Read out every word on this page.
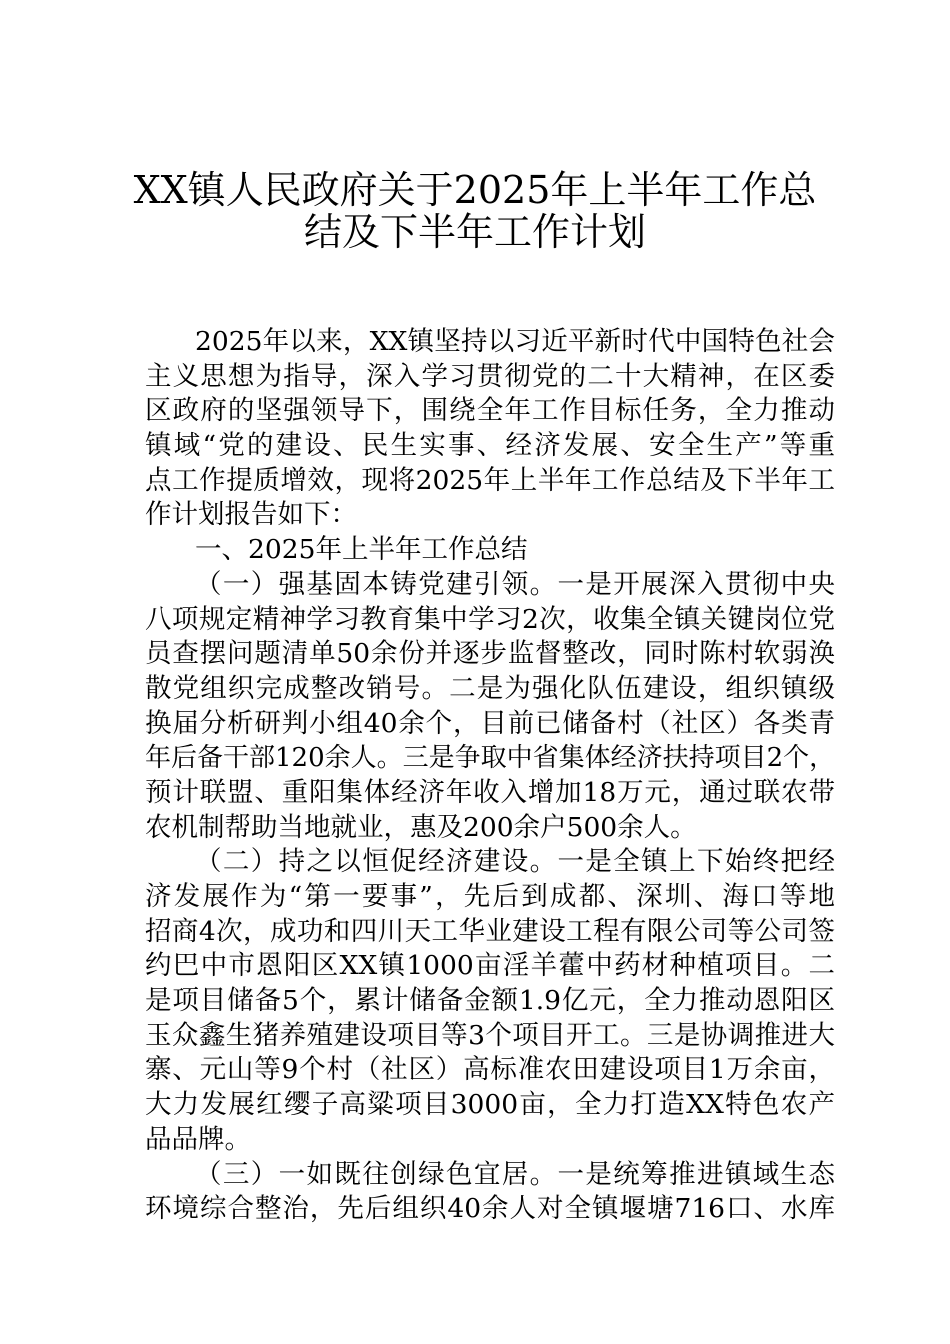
XX镇人民政府关于2025年上半年工作总
结及下半年工作计划
2025年以来，XX镇坚持以习近平新时代中国特色社会
主义思想为指导，深入学习贯彻党的二十大精神，在区委
区政府的坚强领导下，围绕全年工作目标任务，全力推动
镇域“党的建设、民生实事、经济发展、安全生产”等重
点工作提质增效，现将2025年上半年工作总结及下半年工
作计划报告如下：
一、2025年上半年工作总结
（一）强基固本铸党建引领。一是开展深入贯彻中央
八项规定精神学习教育集中学习2次，收集全镇关键岗位党
员查摆问题清单50余份并逐步监督整改，同时陈村软弱涣
散党组织完成整改销号。二是为强化队伍建设，组织镇级
换届分析研判小组40余个，目前已储备村（社区）各类青
年后备干部120余人。三是争取中省集体经济扶持项目2个，
预计联盟、重阳集体经济年收入增加18万元，通过联农带
农机制帮助当地就业，惠及200余户500余人。
（二）持之以恒促经济建设。一是全镇上下始终把经
济发展作为“第一要事”，先后到成都、深圳、海口等地
招商4次，成功和四川天工华业建设工程有限公司等公司签
约巴中市恩阳区XX镇1000亩淫羊藿中药材种植项目。二
是项目储备5个，累计储备金额1.9亿元，全力推动恩阳区
玉众鑫生猪养殖建设项目等3个项目开工。三是协调推进大
寨、元山等9个村（社区）高标准农田建设项目1万余亩，
大力发展红缨子高粱项目3000亩，全力打造XX特色农产
品品牌。
（三）一如既往创绿色宜居。一是统筹推进镇域生态
环境综合整治，先后组织40余人对全镇堰塘716口、水库
